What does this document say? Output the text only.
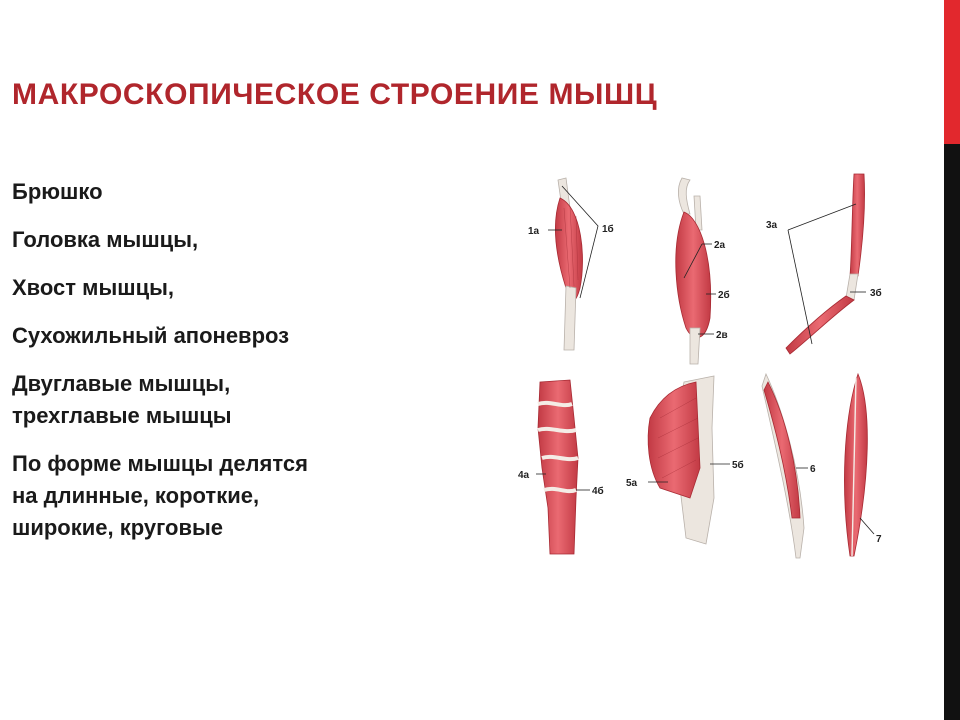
МАКРОСКОПИЧЕСКОЕ СТРОЕНИЕ МЫШЦ
Брюшко
Головка мышцы,
Хвост мышцы,
Сухожильный апоневроз
Двуглавые мышцы,
трехглавые мышцы
По форме мышцы делятся
на длинные, короткие,
широкие, круговые
1а	1б
2а
2б
2в
3а
3б
4а
4б
5а
5б	6
7
